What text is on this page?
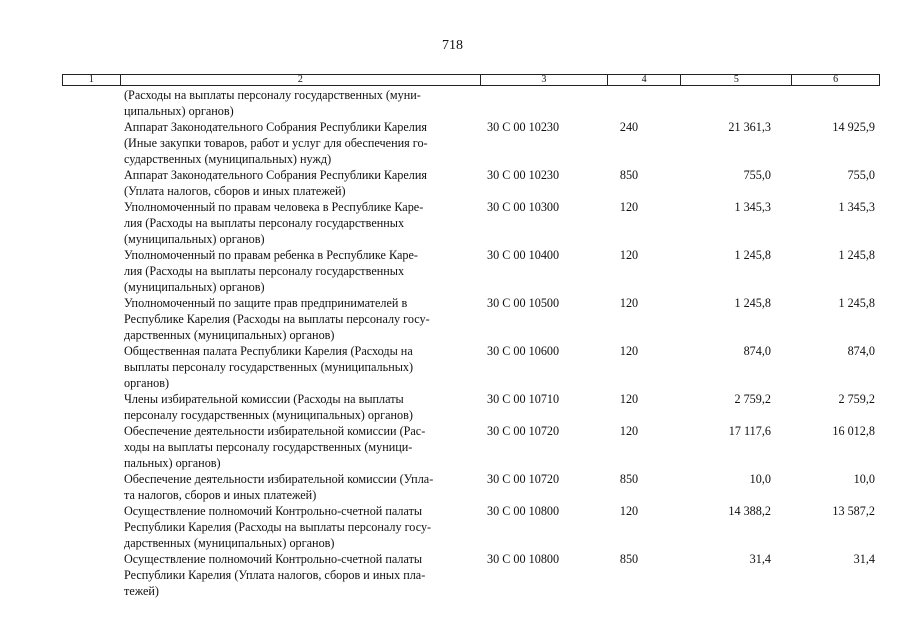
718
1	2	3	4	5	6
(Расходы на выплаты персоналу государственных (муни-
ципальных) органов)
Аппарат Законодательного Собрания Республики Карелия
(Иные закупки товаров, работ и услуг для обеспечения го-
сударственных (муниципальных) нужд)
30 С 00 10230	240	21 361,3	14 925,9
Аппарат Законодательного Собрания Республики Карелия
(Уплата налогов, сборов и иных платежей)
30 С 00 10230	850	755,0	755,0
Уполномоченный по правам человека в Республике Каре-
лия (Расходы на выплаты персоналу государственных
(муниципальных) органов)
30 С 00 10300	120	1 345,3	1 345,3
Уполномоченный по правам ребенка в Республике Каре-
лия (Расходы на выплаты персоналу государственных
(муниципальных) органов)
30 С 00 10400	120	1 245,8	1 245,8
Уполномоченный по защите прав предпринимателей в
Республике Карелия (Расходы на выплаты персоналу госу-
дарственных (муниципальных) органов)
30 С 00 10500	120	1 245,8	1 245,8
Общественная палата Республики Карелия (Расходы на
выплаты персоналу государственных (муниципальных)
органов)
30 С 00 10600	120	874,0	874,0
Члены избирательной комиссии (Расходы на выплаты
персоналу государственных (муниципальных) органов)
30 С 00 10710	120	2 759,2	2 759,2
Обеспечение деятельности избирательной комиссии (Рас-
ходы на выплаты персоналу государственных (муници-
пальных) органов)
30 С 00 10720	120	17 117,6	16 012,8
Обеспечение деятельности избирательной комиссии (Упла-
та налогов, сборов и иных платежей)
30 С 00 10720	850	10,0	10,0
Осуществление полномочий Контрольно-счетной палаты
Республики Карелия (Расходы на выплаты персоналу госу-
дарственных (муниципальных) органов)
30 С 00 10800	120	14 388,2	13 587,2
Осуществление полномочий Контрольно-счетной палаты
Республики Карелия (Уплата налогов, сборов и иных пла-
тежей)
30 С 00 10800	850	31,4	31,4
